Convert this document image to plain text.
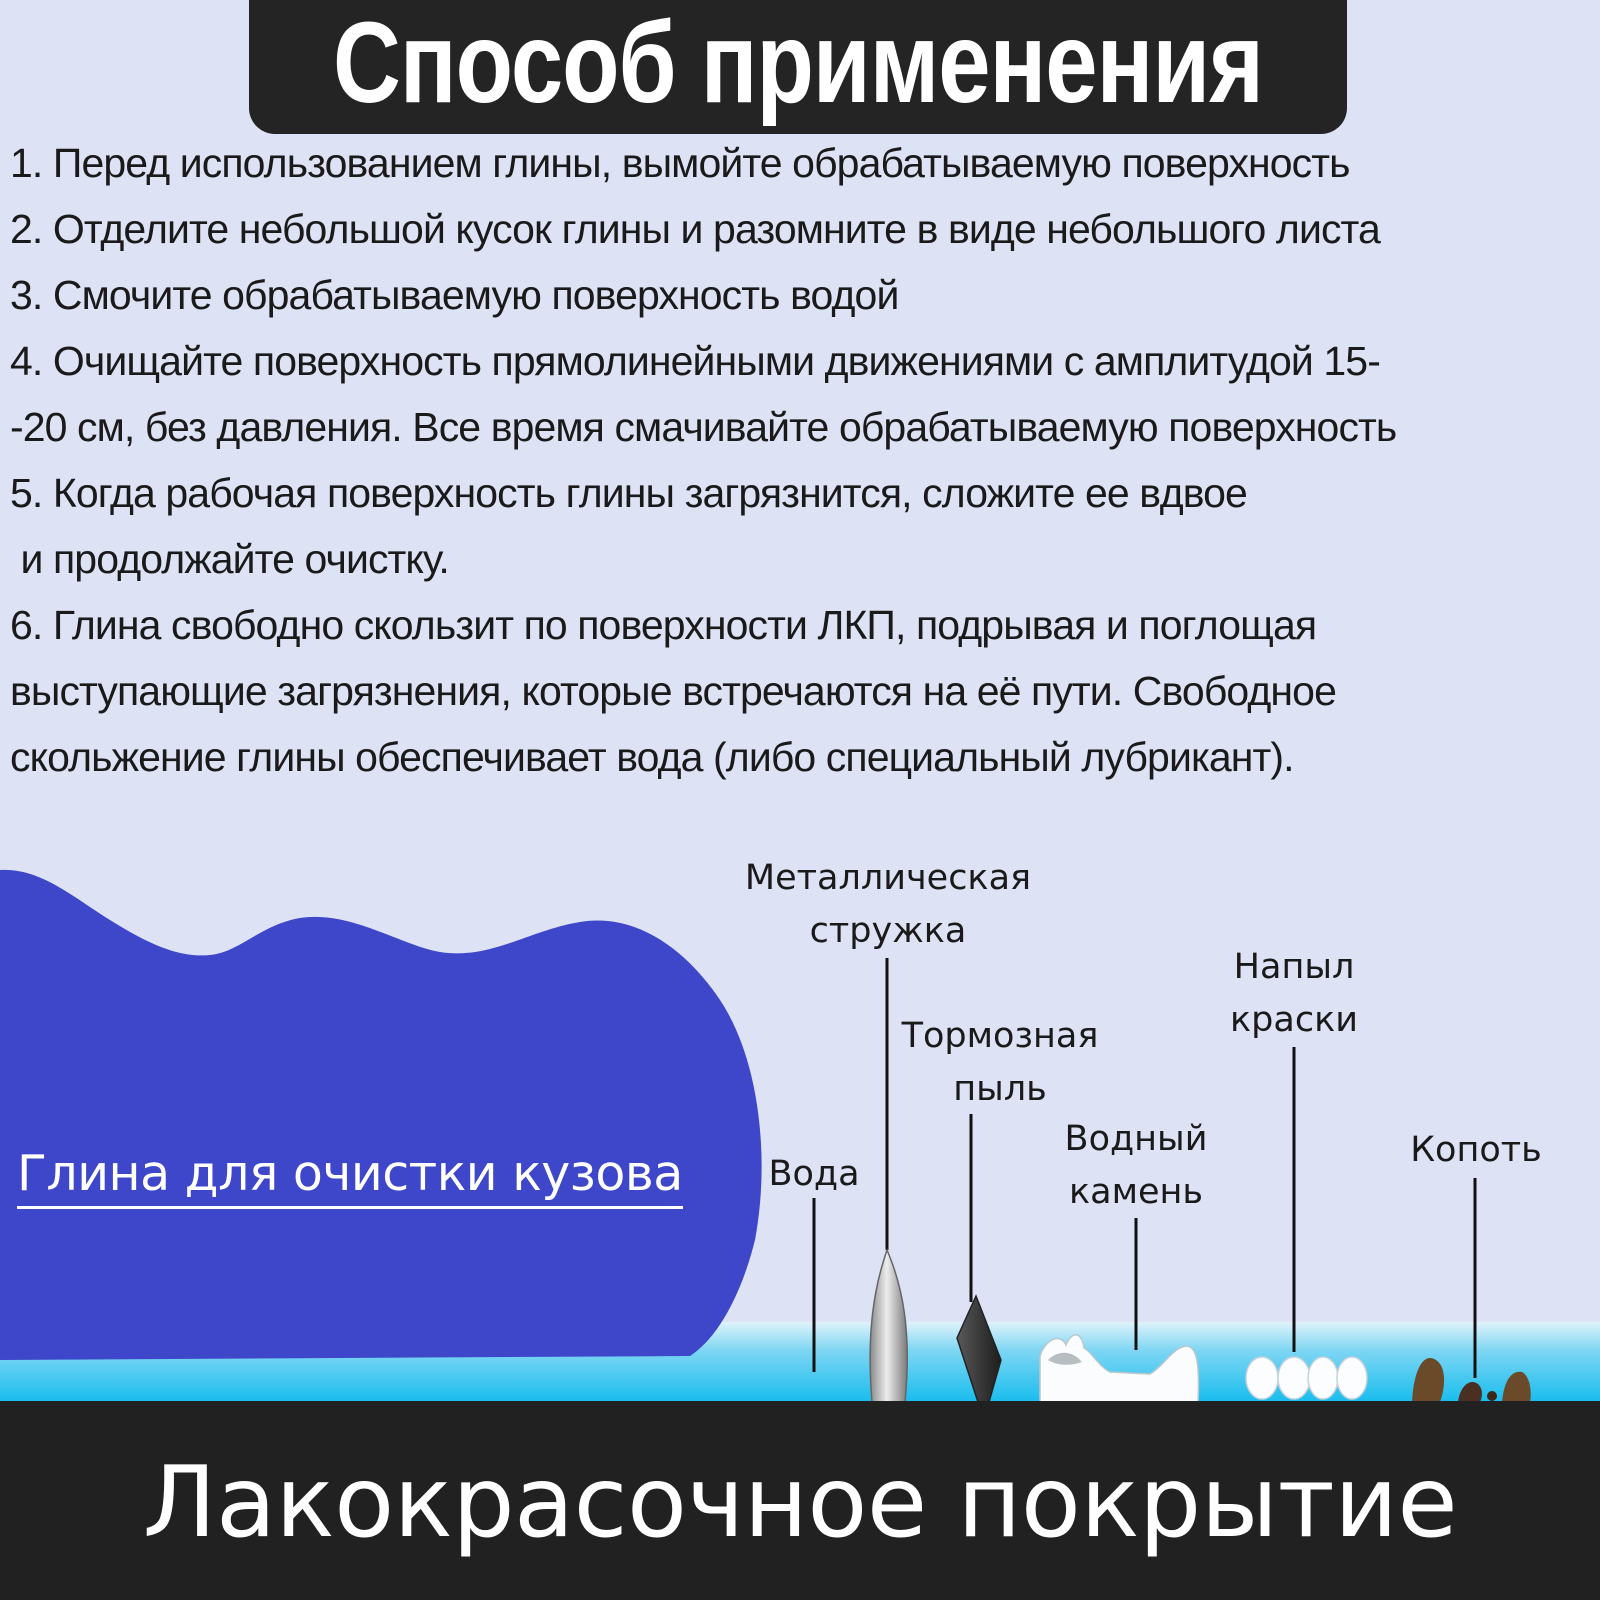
Способ применения
1. Перед использованием глины, вымойте обрабатываемую поверхность
2. Отделите небольшой кусок глины и разомните в виде небольшого листа
3. Смочите обрабатываемую поверхность водой
4. Очищайте поверхность прямолинейными движениями с амплитудой 15-
-20 см, без давления. Все время смачивайте обрабатываемую поверхность
5. Когда рабочая поверхность глины загрязнится, сложите ее вдвое
и продолжайте очистку.
6. Глина свободно скользит по поверхности ЛКП, подрывая и поглощая
выступающие загрязнения, которые встречаются на её пути. Свободное
скольжение глины обеспечивает вода (либо специальный лубрикант).
Металлическая
стружка
Тормозная
пыль
Вода
Водный
камень
Напыл
краски
Копоть
Глина для очистки кузова
Лакокрасочное покрытие
